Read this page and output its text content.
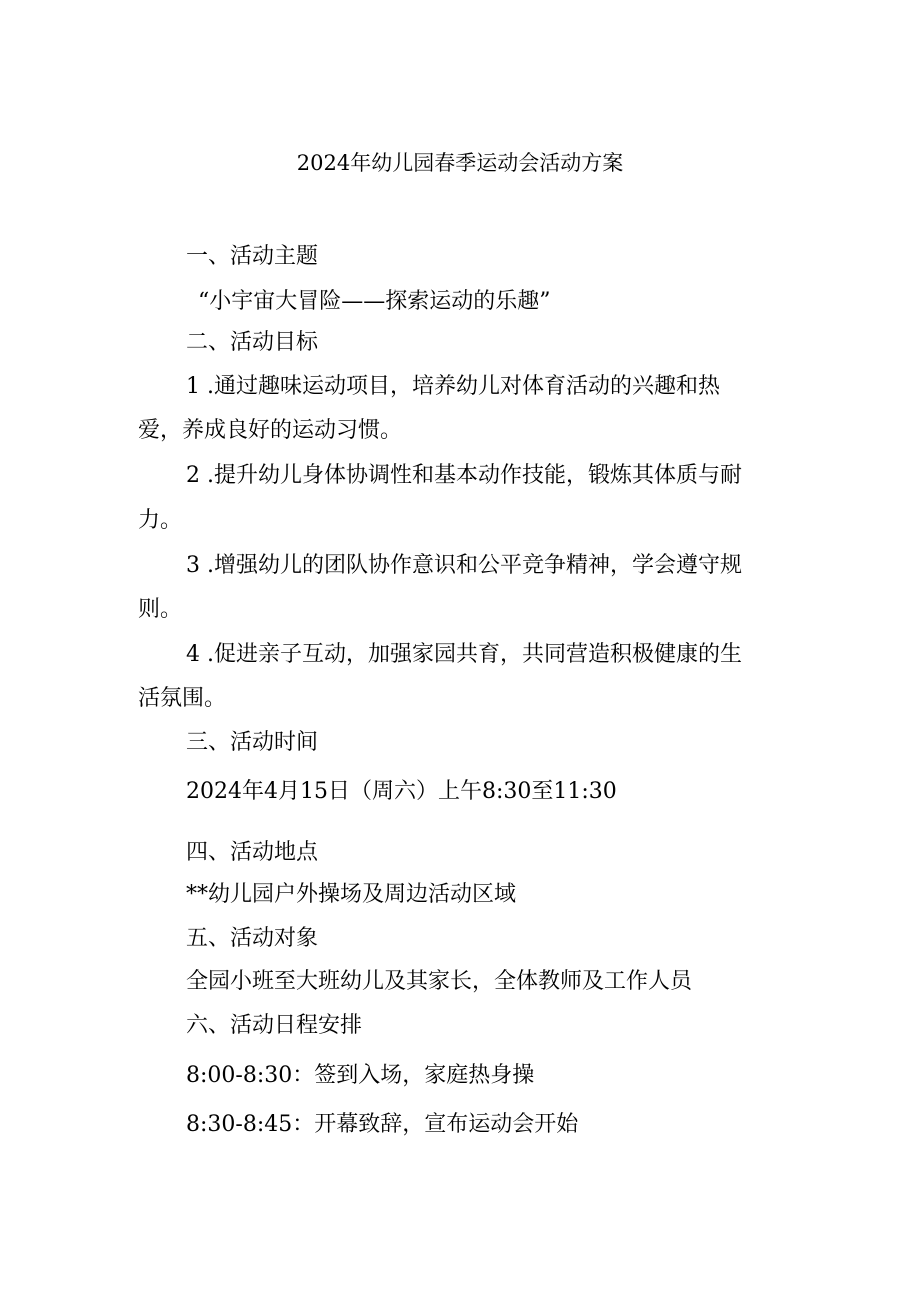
2024年幼儿园春季运动会活动方案
一、活动主题
“小宇宙大冒险——探索运动的乐趣”
二、活动目标
1 .通过趣味运动项目，培养幼儿对体育活动的兴趣和热
爱，养成良好的运动习惯。
2 .提升幼儿身体协调性和基本动作技能，锻炼其体质与耐
力。
3 .增强幼儿的团队协作意识和公平竞争精神，学会遵守规
则。
4 .促进亲子互动，加强家园共育，共同营造积极健康的生
活氛围。
三、活动时间
2024年4月15日（周六）上午8:30至11:30
四、活动地点
**幼儿园户外操场及周边活动区域
五、活动对象
全园小班至大班幼儿及其家长，全体教师及工作人员
六、活动日程安排
8:00-8:30：签到入场，家庭热身操
8:30-8:45：开幕致辞，宣布运动会开始
